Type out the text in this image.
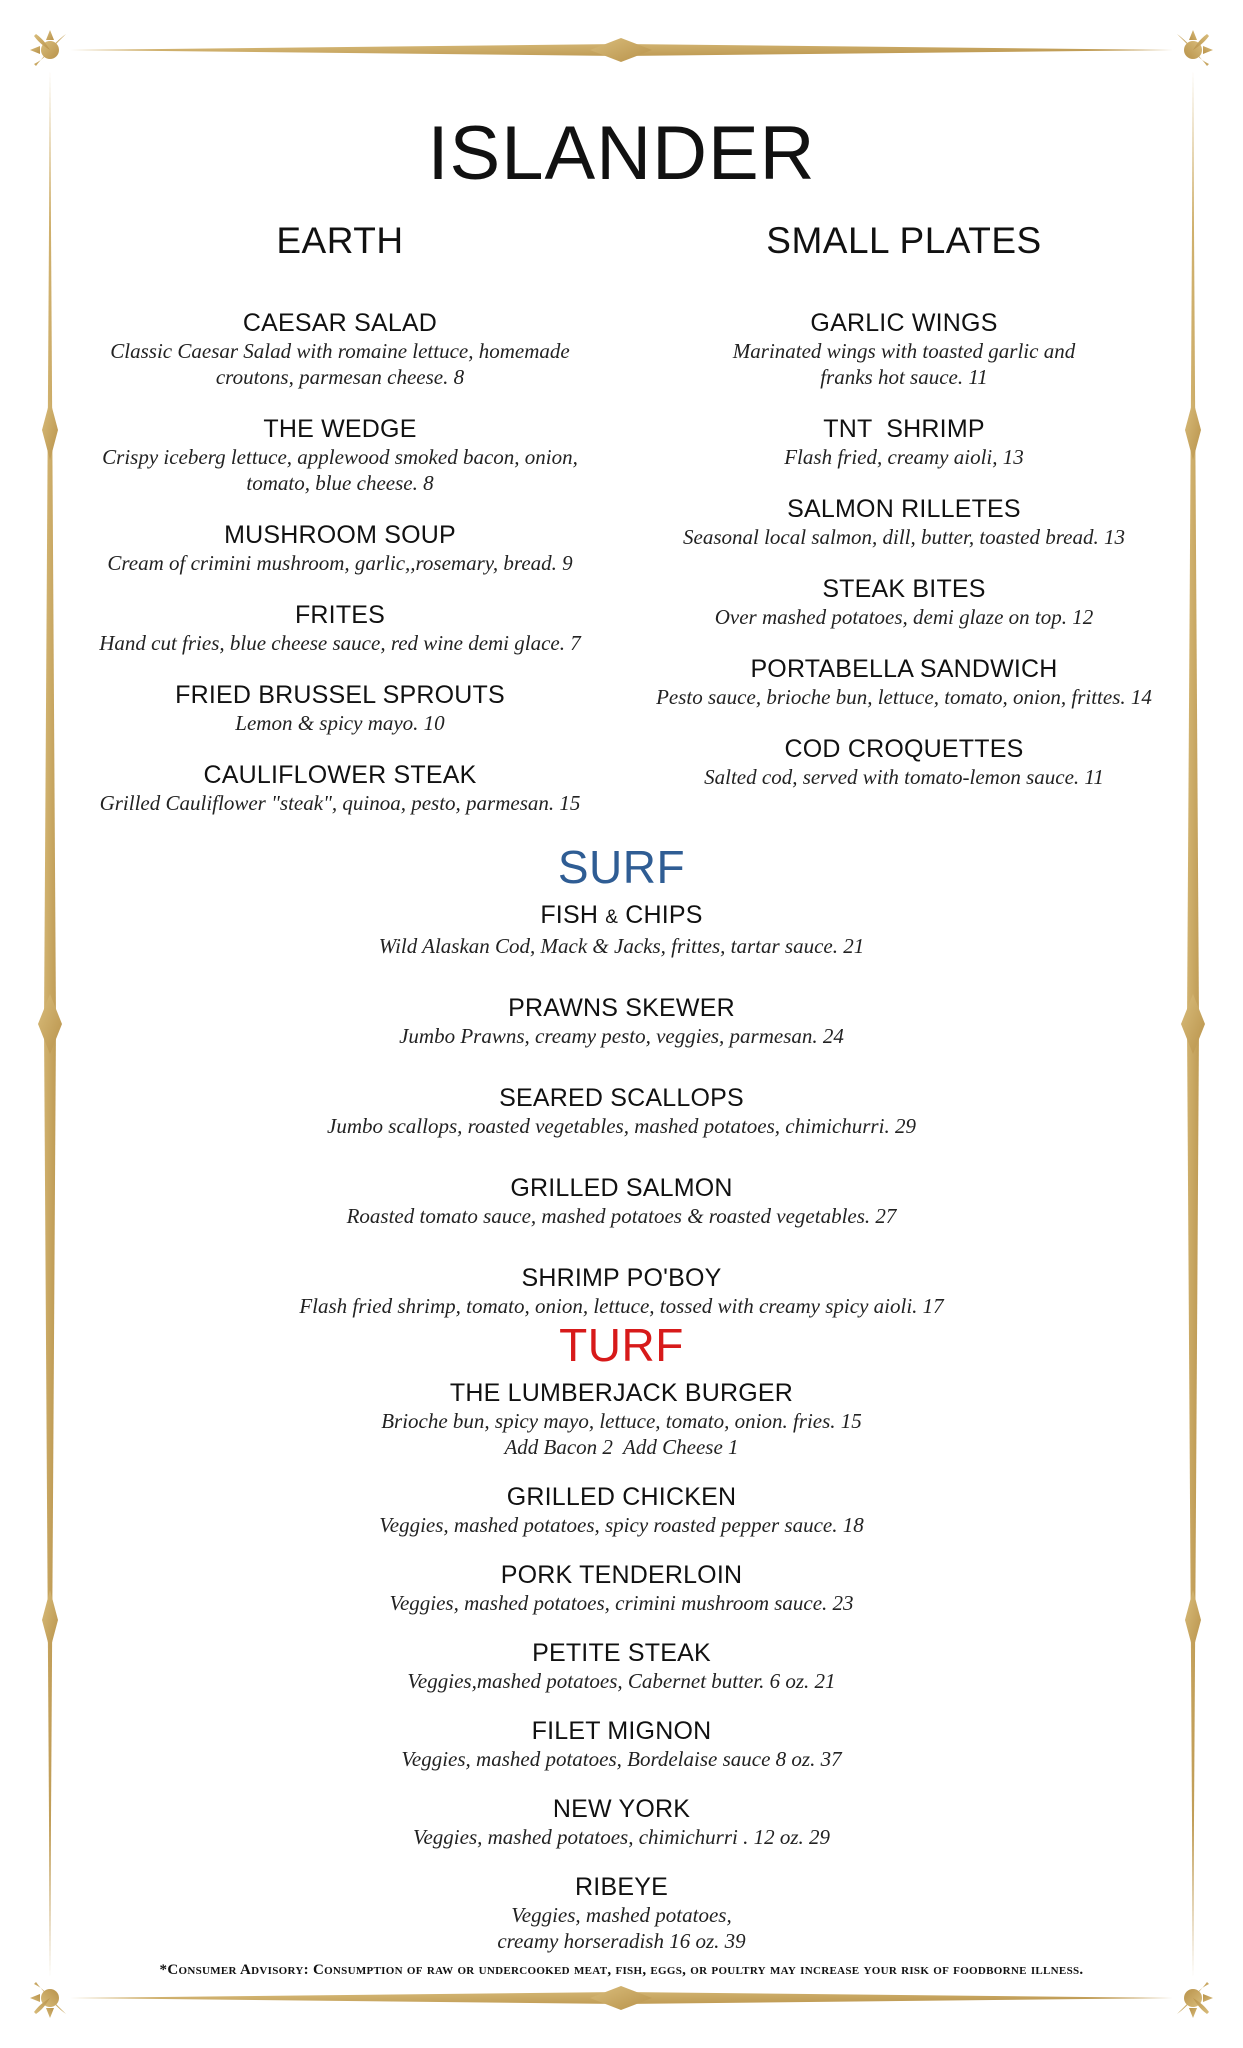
ISLANDER
EARTH
CAESAR SALAD
Classic Caesar Salad with romaine lettuce, homemade
croutons, parmesan cheese. 8
THE WEDGE
Crispy iceberg lettuce, applewood smoked bacon, onion,
tomato, blue cheese. 8
MUSHROOM SOUP
Cream of crimini mushroom, garlic,,rosemary, bread. 9
FRITES
Hand cut fries, blue cheese sauce, red wine demi glace. 7
FRIED BRUSSEL SPROUTS
Lemon & spicy mayo. 10
CAULIFLOWER STEAK
Grilled Cauliflower "steak", quinoa, pesto, parmesan. 15
SMALL PLATES
GARLIC WINGS
Marinated wings with toasted garlic and
franks hot sauce. 11
TNT  SHRIMP
Flash fried, creamy aioli, 13
SALMON RILLETES
Seasonal local salmon, dill, butter, toasted bread. 13
STEAK BITES
Over mashed potatoes, demi glaze on top. 12
PORTABELLA SANDWICH
Pesto sauce, brioche bun, lettuce, tomato, onion, frittes. 14
COD CROQUETTES
Salted cod, served with tomato-lemon sauce. 11
SURF
FISH & CHIPS
Wild Alaskan Cod, Mack & Jacks, frittes, tartar sauce. 21
PRAWNS SKEWER
Jumbo Prawns, creamy pesto, veggies, parmesan. 24
SEARED SCALLOPS
Jumbo scallops, roasted vegetables, mashed potatoes, chimichurri. 29
GRILLED SALMON
Roasted tomato sauce, mashed potatoes & roasted vegetables. 27
SHRIMP PO'BOY
Flash fried shrimp, tomato, onion, lettuce, tossed with creamy spicy aioli. 17
TURF
THE LUMBERJACK BURGER
Brioche bun, spicy mayo, lettuce, tomato, onion. fries. 15
Add Bacon 2  Add Cheese 1
GRILLED CHICKEN
Veggies, mashed potatoes, spicy roasted pepper sauce. 18
PORK TENDERLOIN
Veggies, mashed potatoes, crimini mushroom sauce. 23
PETITE STEAK
Veggies,mashed potatoes, Cabernet butter. 6 oz. 21
FILET MIGNON
Veggies, mashed potatoes, Bordelaise sauce 8 oz. 37
NEW YORK
Veggies, mashed potatoes, chimichurri . 12 oz. 29
RIBEYE
Veggies, mashed potatoes,
creamy horseradish 16 oz. 39
*Consumer Advisory: Consumption of raw or undercooked meat, fish, eggs, or poultry may increase your risk of foodborne illness.
